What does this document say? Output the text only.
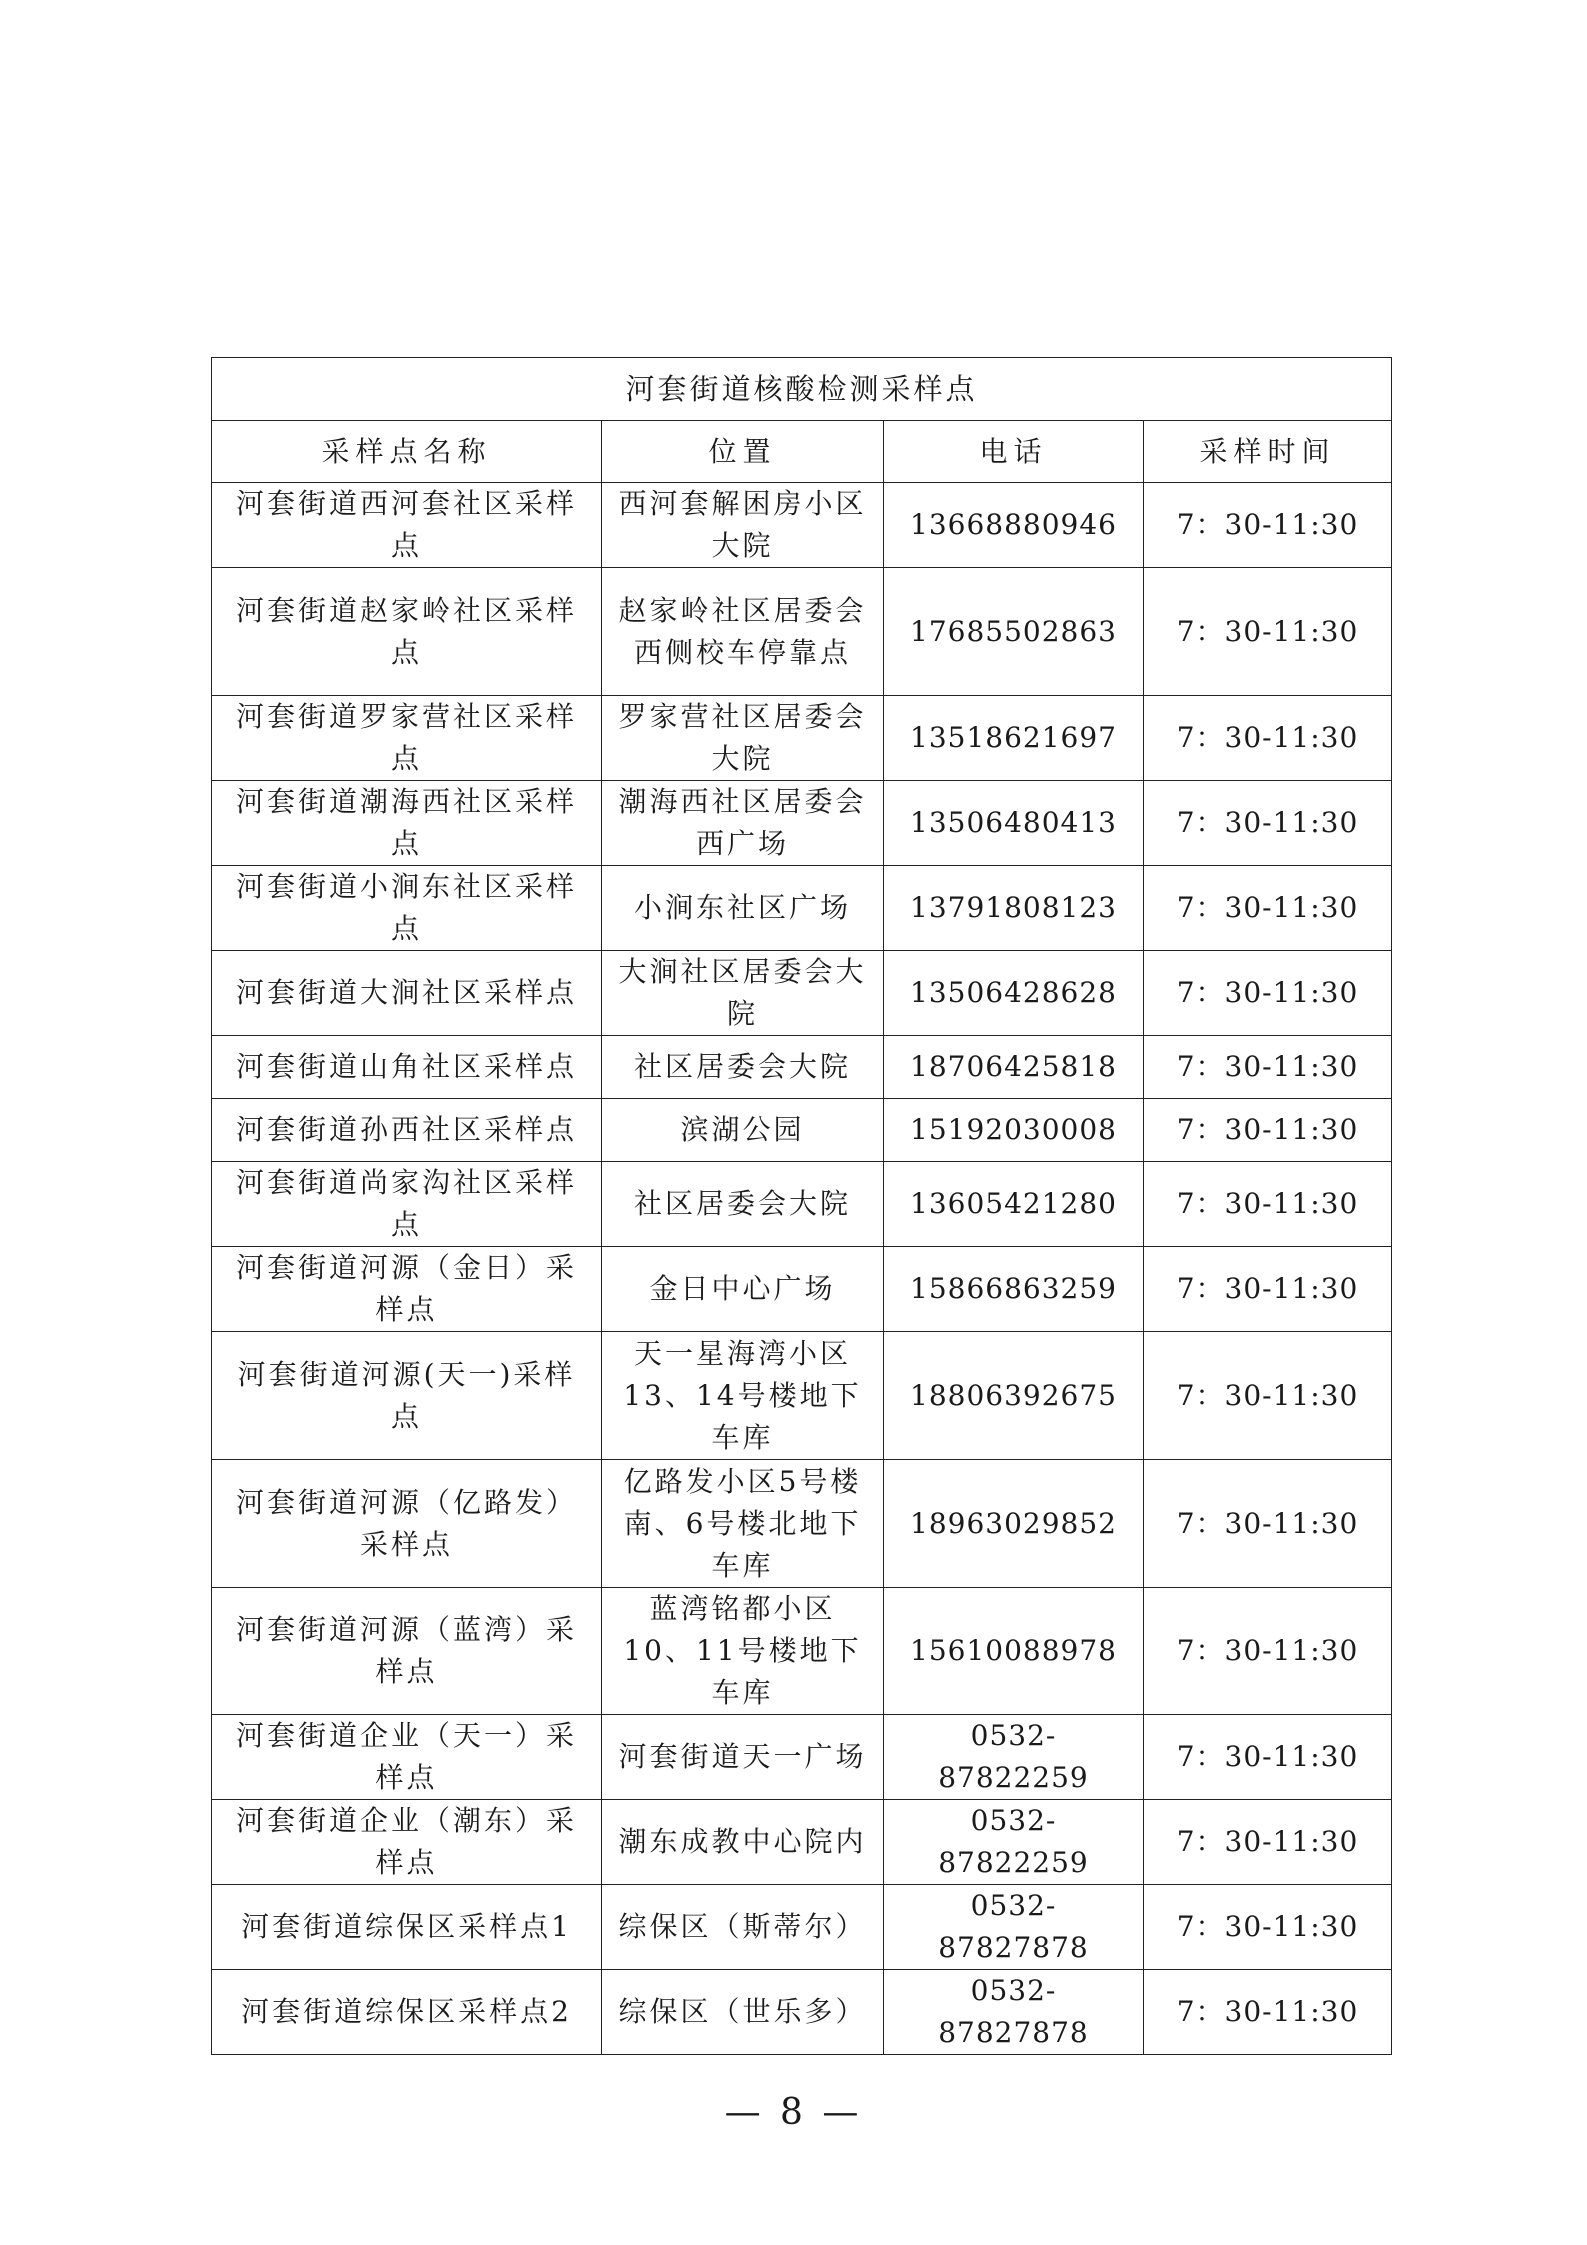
河套街道核酸检测采样点			
采样点名称	位置	电话	采样时间
河套街道西河套社区采样点	西河套解困房小区大院	13668880946	7：30-11:30
河套街道赵家岭社区采样点	赵家岭社区居委会西侧校车停靠点	17685502863	7：30-11:30
河套街道罗家营社区采样点	罗家营社区居委会大院	13518621697	7：30-11:30
河套街道潮海西社区采样点	潮海西社区居委会西广场	13506480413	7：30-11:30
河套街道小涧东社区采样点	小涧东社区广场	13791808123	7：30-11:30
河套街道大涧社区采样点	大涧社区居委会大院	13506428628	7：30-11:30
河套街道山角社区采样点	社区居委会大院	18706425818	7：30-11:30
河套街道孙西社区采样点	滨湖公园	15192030008	7：30-11:30
河套街道尚家沟社区采样点	社区居委会大院	13605421280	7：30-11:30
河套街道河源（金日）采样点	金日中心广场	15866863259	7：30-11:30
河套街道河源(天一)采样点	天一星海湾小区13、14号楼地下车库	18806392675	7：30-11:30
河套街道河源（亿路发）采样点	亿路发小区5号楼南、6号楼北地下车库	18963029852	7：30-11:30
河套街道河源（蓝湾）采样点	蓝湾铭都小区10、11号楼地下车库	15610088978	7：30-11:30
河套街道企业（天一）采样点	河套街道天一广场	0532-87822259	7：30-11:30
河套街道企业（潮东）采样点	潮东成教中心院内	0532-87822259	7：30-11:30
河套街道综保区采样点1	综保区（斯蒂尔）	0532-87827878	7：30-11:30
河套街道综保区采样点2	综保区（世乐多）	0532-87827878	7：30-11:30
— 8 —
